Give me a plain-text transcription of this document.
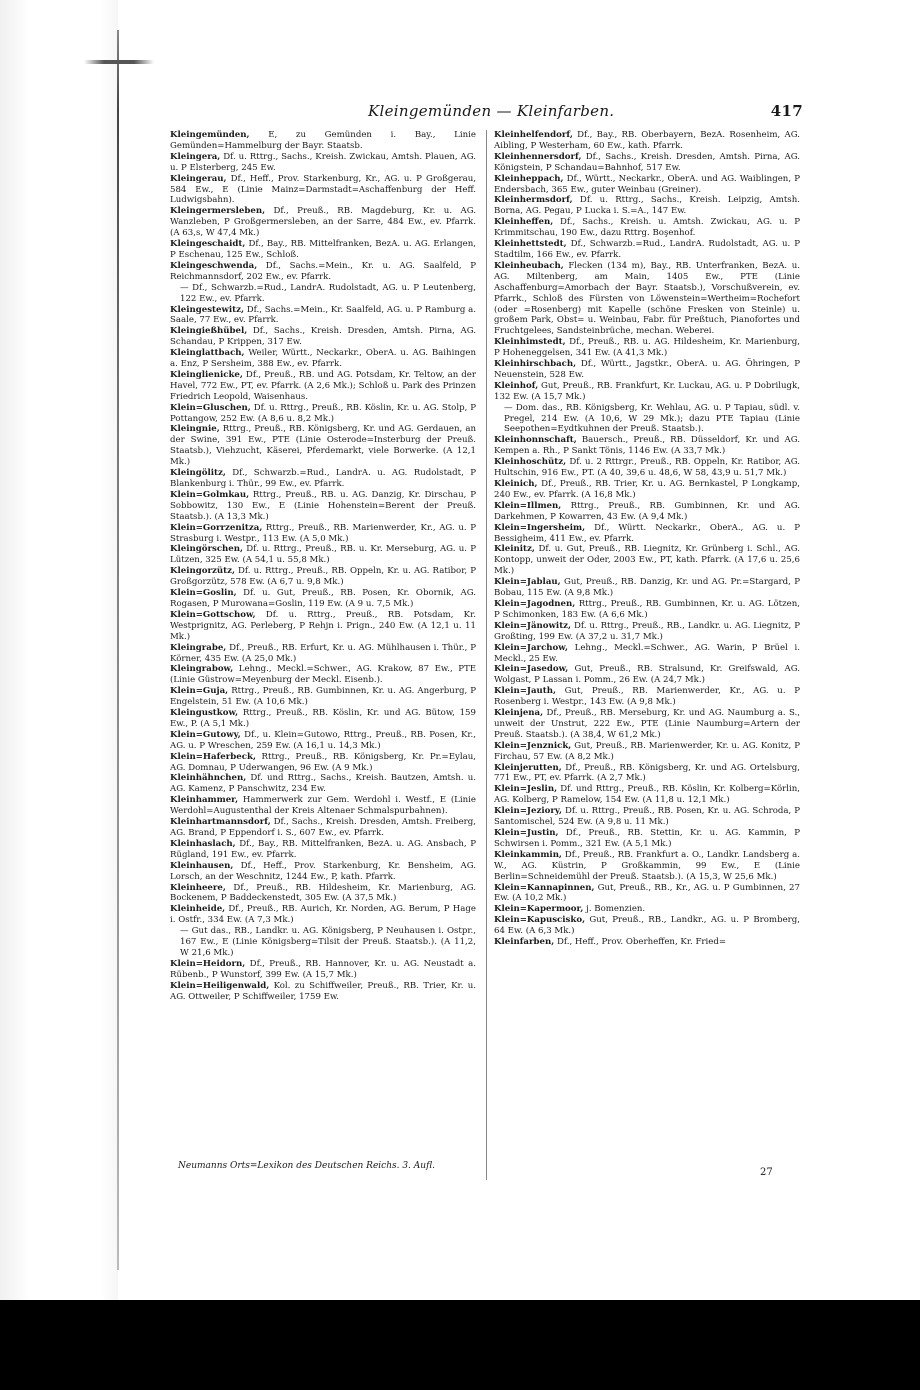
Kleingemünden — Kleinfarben.	417

Kleingemünden, E, zu Gemünden i. Bay., Linie Gemünden=Hammelburg der Bayr. Staatsb.

Kleingera, Df. u. Rttrg., Sachs., Kreish. Zwickau, Amtsh. Plauen, AG. u. P Elsterberg, 245 Ew.

Kleingerau, Df., Heff., Prov. Starkenburg, Kr., AG. u. P Großgerau, 584 Ew., E (Linie Mainz=Darmstadt=Aschaffenburg der Heff. Ludwigsbahn).

Kleingermersleben, Df., Preuß., RB. Magdeburg, Kr. u. AG. Wanzleben, P Großgermersleben, an der Sarre, 484 Ew., ev. Pfarrk. (A 63,s, W 47,4 Mk.)

Kleingeschaidt, Df., Bay., RB. Mittelfranken, BezA. u. AG. Erlangen, P Eschenau, 125 Ew., Schloß.

Kleingeschwenda, Df., Sachs.=Mein., Kr. u. AG. Saalfeld, P Reichmannsdorf, 202 Ew., ev. Pfarrk.

— Df., Schwarzb.=Rud., LandrA. Rudolstadt, AG. u. P Leutenberg, 122 Ew., ev. Pfarrk.

Kleingestewitz, Df., Sachs.=Mein., Kr. Saalfeld, AG. u. P Ramburg a. Saale, 77 Ew., ev. Pfarrk.

Kleingießhübel, Df., Sachs., Kreish. Dresden, Amtsh. Pirna, AG. Schandau, P Krippen, 317 Ew.

Kleinglattbach, Weiler, Württ., Neckarkr., OberA. u. AG. Baihingen a. Enz, P Sersheim, 388 Ew., ev. Pfarrk.

Kleinglienicke, Df., Preuß., RB. und AG. Potsdam, Kr. Teltow, an der Havel, 772 Ew., PT, ev. Pfarrk. (A 2,6 Mk.); Schloß u. Park des Prinzen Friedrich Leopold, Waisenhaus.

Klein=Gluschen, Df. u. Rttrg., Preuß., RB. Köslin, Kr. u. AG. Stolp, P Pottangow, 252 Ew. (A 8,6 u. 8,2 Mk.)

Kleingnie, Rttrg., Preuß., RB. Königsberg, Kr. und AG. Gerdauen, an der Swine, 391 Ew., PTE (Linie Osterode=Insterburg der Preuß. Staatsb.), Viehzucht, Käserei, Pferdemarkt, viele Borwerke. (A 12,1 Mk.)

Kleingölitz, Df., Schwarzb.=Rud., LandrA. u. AG. Rudolstadt, P Blankenburg i. Thür., 99 Ew., ev. Pfarrk.

Klein=Golmkau, Rttrg., Preuß., RB. u. AG. Danzig, Kr. Dirschau, P Sobbowitz, 130 Ew., E (Linie Hohenstein=Berent der Preuß. Staatsb.). (A 13,3 Mk.)

Klein=Gorrzenitza, Rttrg., Preuß., RB. Marienwerder, Kr., AG. u. P Strasburg i. Westpr., 113 Ew. (A 5,0 Mk.)

Kleingörschen, Df. u. Rttrg., Preuß., RB. u. Kr. Merseburg, AG. u. P Lützen, 325 Ew. (A 54,1 u. 55,8 Mk.)

Kleingorzütz, Df. u. Rttrg., Preuß., RB. Oppeln, Kr. u. AG. Ratibor, P Großgorzütz, 578 Ew. (A 6,7 u. 9,8 Mk.)

Klein=Goslin, Df. u. Gut, Preuß., RB. Posen, Kr. Obornik, AG. Rogasen, P Murowana=Goslin, 119 Ew. (A 9 u. 7,5 Mk.)

Klein=Gottschow, Df. u. Rttrg., Preuß., RB. Potsdam, Kr. Westprignitz, AG. Perleberg, P Rehjn i. Prign., 240 Ew. (A 12,1 u. 11 Mk.)

Kleingrabe, Df., Preuß., RB. Erfurt, Kr. u. AG. Mühlhausen i. Thür., P Körner, 435 Ew. (A 25,0 Mk.)

Kleingrabow, Lehng., Meckl.=Schwer., AG. Krakow, 87 Ew., PTE (Linie Güstrow=Meyenburg der Meckl. Eisenb.).

Klein=Guja, Rttrg., Preuß., RB. Gumbinnen, Kr. u. AG. Angerburg, P Engelstein, 51 Ew. (A 10,6 Mk.)

Kleingustkow, Rttrg., Preuß., RB. Köslin, Kr. und AG. Bütow, 159 Ew., P. (A 5,1 Mk.)

Klein=Gutowy, Df., u. Klein=Gutowo, Rttrg., Preuß., RB. Posen, Kr., AG. u. P Wreschen, 259 Ew. (A 16,1 u. 14,3 Mk.)

Klein=Haferbeck, Rttrg., Preuß., RB. Königsberg, Kr. Pr.=Eylau, AG. Domnau, P Uderwangen, 96 Ew. (A 9 Mk.)

Kleinhähnchen, Df. und Rttrg., Sachs., Kreish. Bautzen, Amtsh. u. AG. Kamenz, P Panschwitz, 234 Ew.

Kleinhammer, Hammerwerk zur Gem. Werdohl i. Westf., E (Linie Werdohl=Augustenthal der Kreis Altenaer Schmalspurbahnen).

Kleinhartmannsdorf, Df., Sachs., Kreish. Dresden, Amtsh. Freiberg, AG. Brand, P Eppendorf i. S., 607 Ew., ev. Pfarrk.

Kleinhaslach, Df., Bay., RB. Mittelfranken, BezA. u. AG. Ansbach, P Rügland, 191 Ew., ev. Pfarrk.

Kleinhausen, Df., Heff., Prov. Starkenburg, Kr. Bensheim, AG. Lorsch, an der Weschnitz, 1244 Ew., P, kath. Pfarrk.

Kleinheere, Df., Preuß., RB. Hildesheim, Kr. Marienburg, AG. Bockenem, P Baddeckenstedt, 305 Ew. (A 37,5 Mk.)

Kleinheide, Df., Preuß., RB. Aurich, Kr. Norden, AG. Berum, P Hage i. Ostfr., 334 Ew. (A 7,3 Mk.)

— Gut das., RB., Landkr. u. AG. Königsberg, P Neuhausen i. Ostpr., 167 Ew., E (Linie Königsberg=Tilsit der Preuß. Staatsb.). (A 11,2, W 21,6 Mk.)

Klein=Heidorn, Df., Preuß., RB. Hannover, Kr. u. AG. Neustadt a. Rübenb., P Wunstorf, 399 Ew. (A 15,7 Mk.)

Klein=Heiligenwald, Kol. zu Schiffweiler, Preuß., RB. Trier, Kr. u. AG. Ottweiler, P Schiffweiler, 1759 Ew.

Kleinhelfendorf, Df., Bay., RB. Oberbayern, BezA. Rosenheim, AG. Aibling, P Westerham, 60 Ew., kath. Pfarrk.

Kleinhennersdorf, Df., Sachs., Kreish. Dresden, Amtsh. Pirna, AG. Königstein, P Schandau=Bahnhof, 517 Ew.

Kleinheppach, Df., Württ., Neckarkr., OberA. und AG. Waiblingen, P Endersbach, 365 Ew., guter Weinbau (Greiner).

Kleinhermsdorf, Df. u. Rttrg., Sachs., Kreish. Leipzig, Amtsh. Borna, AG. Pegau, P Lucka i. S.=A., 147 Ew.

Kleinheffen, Df., Sachs., Kreish. u. Amtsh. Zwickau, AG. u. P Krimmitschau, 190 Ew., dazu Rttrg. Boşenhof.

Kleinhettstedt, Df., Schwarzb.=Rud., LandrA. Rudolstadt, AG. u. P Stadtilm, 166 Ew., ev. Pfarrk.

Kleinheubach, Flecken (134 m), Bay., RB. Unterfranken, BezA. u. AG. Miltenberg, am Main, 1405 Ew., PTE (Linie Aschaffenburg=Amorbach der Bayr. Staatsb.), Vorschußverein, ev. Pfarrk., Schloß des Fürsten von Löwenstein=Wertheim=Rochefort (oder =Rosenberg) mit Kapelle (schöne Fresken von Steinle) u. großem Park, Obst= u. Weinbau, Fabr. für Preßtuch, Pianofortes und Fruchtgelees, Sandsteinbrüche, mechan. Weberei.

Kleinhimstedt, Df., Preuß., RB. u. AG. Hildesheim, Kr. Marienburg, P Hoheneggelsen, 341 Ew. (A 41,3 Mk.)

Kleinhirschbach, Df., Württ., Jagstkr., OberA. u. AG. Öhringen, P Neuenstein, 528 Ew.

Kleinhof, Gut, Preuß., RB. Frankfurt, Kr. Luckau, AG. u. P Dobrilugk, 132 Ew. (A 15,7 Mk.)

— Dom. das., RB. Königsberg, Kr. Wehlau, AG. u. P Tapiau, südl. v. Pregel, 214 Ew. (A 10,6, W 29 Mk.); dazu PTE Tapiau (Linie Seepothen=Eydtkuhnen der Preuß. Staatsb.).

Kleinhonnschaft, Bauersch., Preuß., RB. Düsseldorf, Kr. und AG. Kempen a. Rh., P Sankt Tönis, 1146 Ew. (A 33,7 Mk.)

Kleinhoschütz, Df. u. 2 Rttrgr., Preuß., RB. Oppeln, Kr. Ratibor, AG. Hultschin, 916 Ew., PT. (A 40, 39,6 u. 48,6, W 58, 43,9 u. 51,7 Mk.)

Kleinich, Df., Preuß., RB. Trier, Kr. u. AG. Bernkastel, P Longkamp, 240 Ew., ev. Pfarrk. (A 16,8 Mk.)

Klein=Illmen, Rttrg., Preuß., RB. Gumbinnen, Kr. und AG. Darkehmen, P Kowarren, 43 Ew. (A 9,4 Mk.)

Klein=Ingersheim, Df., Württ. Neckarkr., OberA., AG. u. P Bessigheim, 411 Ew., ev. Pfarrk.

Kleinitz, Df. u. Gut, Preuß., RB. Liegnitz, Kr. Grünberg i. Schl., AG. Kontopp, unweit der Oder, 2003 Ew., PT, kath. Pfarrk. (A 17,6 u. 25,6 Mk.)

Klein=Jablau, Gut, Preuß., RB. Danzig, Kr. und AG. Pr.=Stargard, P Bobau, 115 Ew. (A 9,8 Mk.)

Klein=Jagodnen, Rttrg., Preuß., RB. Gumbinnen, Kr. u. AG. Lötzen, P Schimonken, 183 Ew. (A 6,6 Mk.)

Klein=Jänowitz, Df. u. Rttrg., Preuß., RB., Landkr. u. AG. Liegnitz, P Großting, 199 Ew. (A 37,2 u. 31,7 Mk.)

Klein=Jarchow, Lehng., Meckl.=Schwer., AG. Warin, P Brüel i. Meckl., 25 Ew.

Klein=Jasedow, Gut, Preuß., RB. Stralsund, Kr. Greifswald, AG. Wolgast, P Lassan i. Pomm., 26 Ew. (A 24,7 Mk.)

Klein=Jauth, Gut, Preuß., RB. Marienwerder, Kr., AG. u. P Rosenberg i. Westpr., 143 Ew. (A 9,8 Mk.)

Kleinjena, Df., Preuß., RB. Merseburg, Kr. und AG. Naumburg a. S., unweit der Unstrut, 222 Ew., PTE (Linie Naumburg=Artern der Preuß. Staatsb.). (A 38,4, W 61,2 Mk.)

Klein=Jenznick, Gut, Preuß., RB. Marienwerder, Kr. u. AG. Konitz, P Firchau, 57 Ew. (A 8,2 Mk.)

Kleinjerutten, Df., Preuß., RB. Königsberg, Kr. und AG. Ortelsburg, 771 Ew., PT, ev. Pfarrk. (A 2,7 Mk.)

Klein=Jeslin, Df. und Rttrg., Preuß., RB. Köslin, Kr. Kolberg=Körlin, AG. Kolberg, P Ramelow, 154 Ew. (A 11,8 u. 12,1 Mk.)

Klein=Jeziory, Df. u. Rttrg., Preuß., RB. Posen, Kr. u. AG. Schroda, P Santomischel, 524 Ew. (A 9,8 u. 11 Mk.)

Klein=Justin, Df., Preuß., RB. Stettin, Kr. u. AG. Kammin, P Schwirsen i. Pomm., 321 Ew. (A 5,1 Mk.)

Kleinkammin, Df., Preuß., RB. Frankfurt a. O., Landkr. Landsberg a. W., AG. Küstrin, P Großkammin, 99 Ew., E (Linie Berlin=Schneidemühl der Preuß. Staatsb.). (A 15,3, W 25,6 Mk.)

Klein=Kannapinnen, Gut, Preuß., RB., Kr., AG. u. P Gumbinnen, 27 Ew. (A 10,2 Mk.)

Klein=Kapermoor, j. Bomenzien.

Klein=Kapuscisko, Gut, Preuß., RB., Landkr., AG. u. P Bromberg, 64 Ew. (A 6,3 Mk.)

Kleinfarben, Df., Heff., Prov. Oberheffen, Kr. Fried=

Neumanns Orts=Lexikon des Deutschen Reichs. 3. Aufl.
27
